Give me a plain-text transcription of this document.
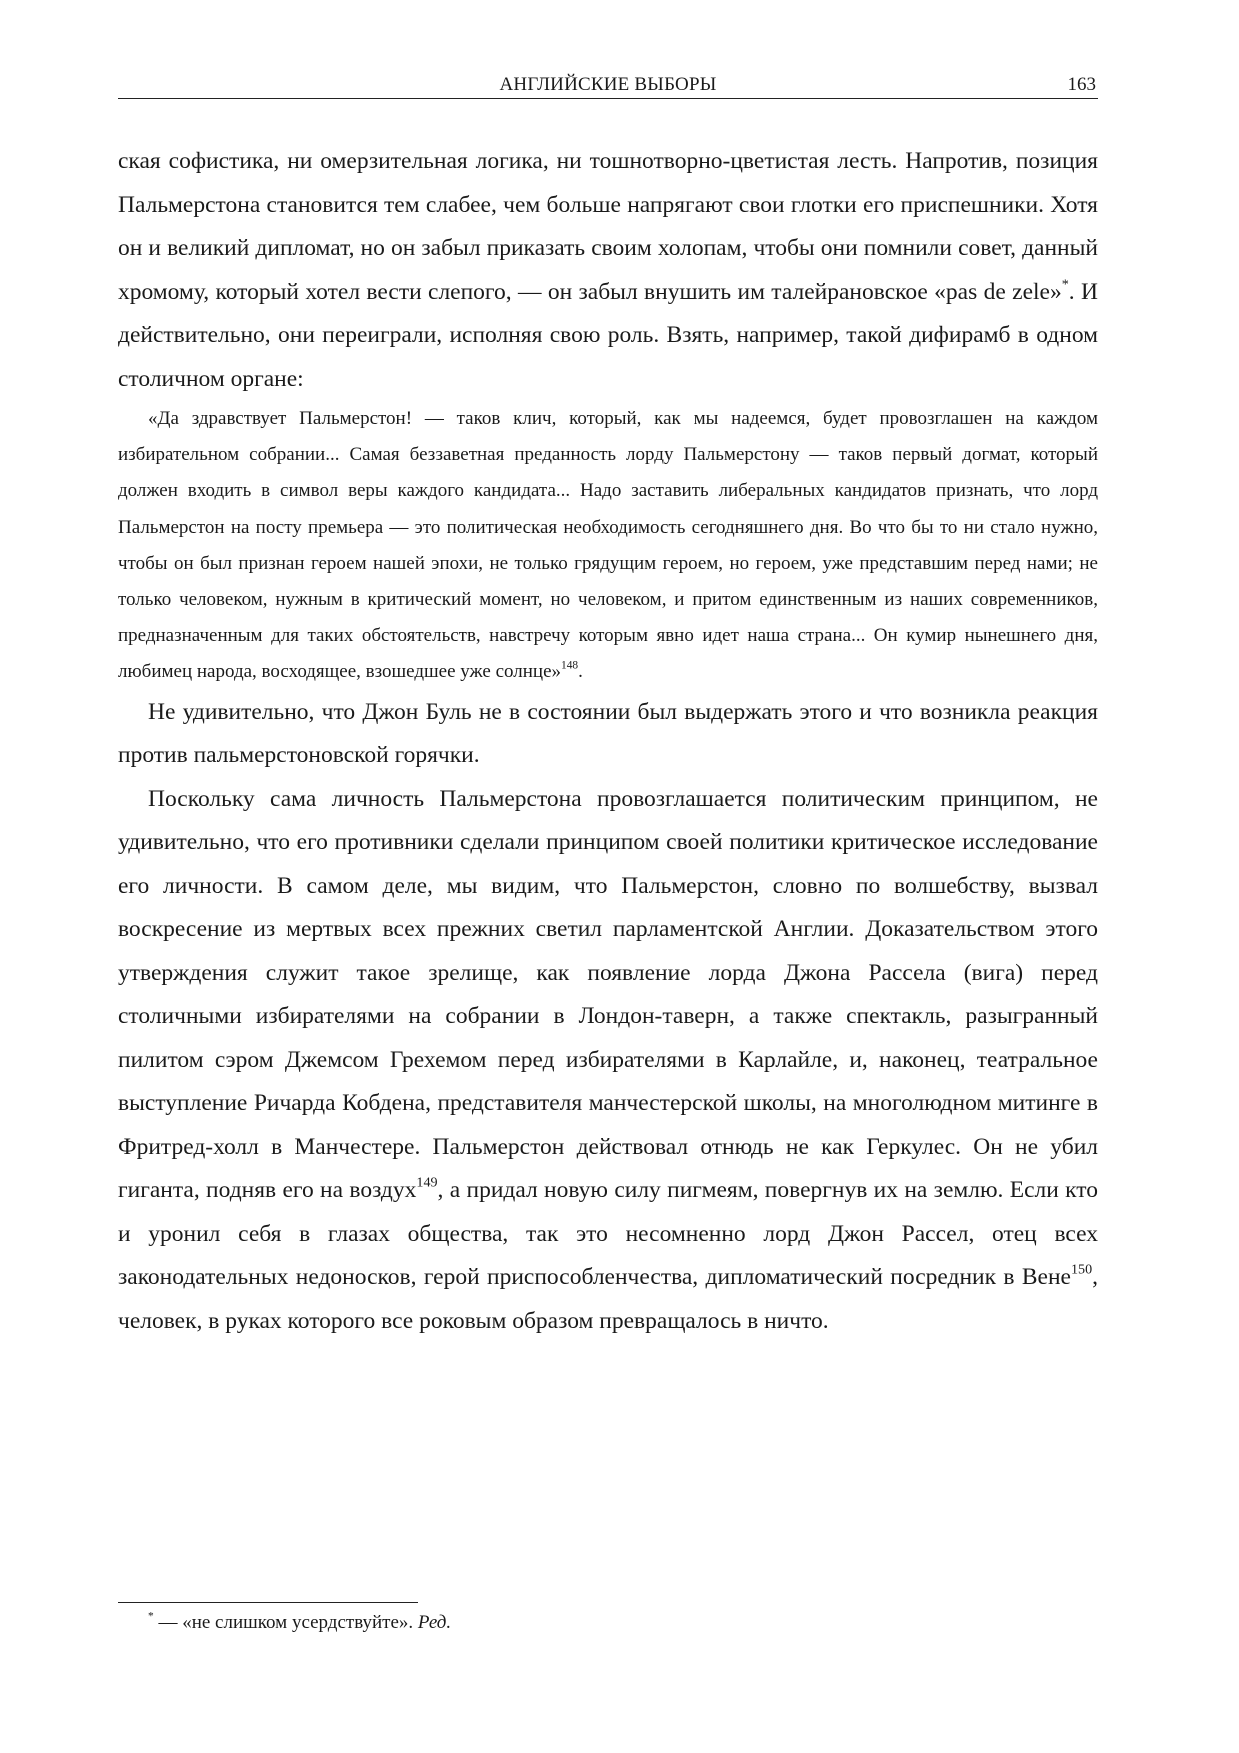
АНГЛИЙСКИЕ ВЫБОРЫ	163

ская софистика, ни омерзительная логика, ни тошнотворно-цветистая лесть. Напротив, позиция Пальмерстона становится тем слабее, чем больше напрягают свои глотки его приспешники. Хотя он и великий дипломат, но он забыл приказать своим холопам, чтобы они помнили совет, данный хромому, который хотел вести слепого, — он забыл внушить им талейрановское «pas de zele»*. И действительно, они переиграли, исполняя свою роль. Взять, например, такой дифирамб в одном столичном органе:

«Да здравствует Пальмерстон! — таков клич, который, как мы надеемся, будет провозглашен на каждом избирательном собрании... Самая беззаветная преданность лорду Пальмерстону — таков первый догмат, который должен входить в символ веры каждого кандидата... Надо заставить либеральных кандидатов признать, что лорд Пальмерстон на посту премьера — это политическая необходимость сегодняшнего дня. Во что бы то ни стало нужно, чтобы он был признан героем нашей эпохи, не только грядущим героем, но героем, уже представшим перед нами; не только человеком, нужным в критический момент, но человеком, и притом единственным из наших современников, предназначенным для таких обстоятельств, навстречу которым явно идет наша страна... Он кумир нынешнего дня, любимец народа, восходящее, взошедшее уже солнце»$^{148}$.

Не удивительно, что Джон Буль не в состоянии был выдержать этого и что возникла реакция против пальмерстоновской горячки.

Поскольку сама личность Пальмерстона провозглашается политическим принципом, не удивительно, что его противники сделали принципом своей политики критическое исследование его личности. В самом деле, мы видим, что Пальмерстон, словно по волшебству, вызвал воскресение из мертвых всех прежних светил парламентской Англии. Доказательством этого утверждения служит такое зрелище, как появление лорда Джона Рассела (вига) перед столичными избирателями на собрании в Лондон-таверн, а также спектакль, разыгранный пилитом сэром Джемсом Грехемом перед избирателями в Карлайле, и, наконец, театральное выступление Ричарда Кобдена, представителя манчестерской школы, на многолюдном митинге в Фритред-холл в Манчестере. Пальмерстон действовал отнюдь не как Геркулес. Он не убил гиганта, подняв его на воздух$^{149}$, а придал новую силу пигмеям, повергнув их на землю. Если кто и уронил себя в глазах общества, так это несомненно лорд Джон Рассел, отец всех законодательных недоносков, герой приспособленчества, дипломатический посредник в Вене$^{150}$, человек, в руках которого все роковым образом превращалось в ничто.

* — «не слишком усердствуйте». Ред.
